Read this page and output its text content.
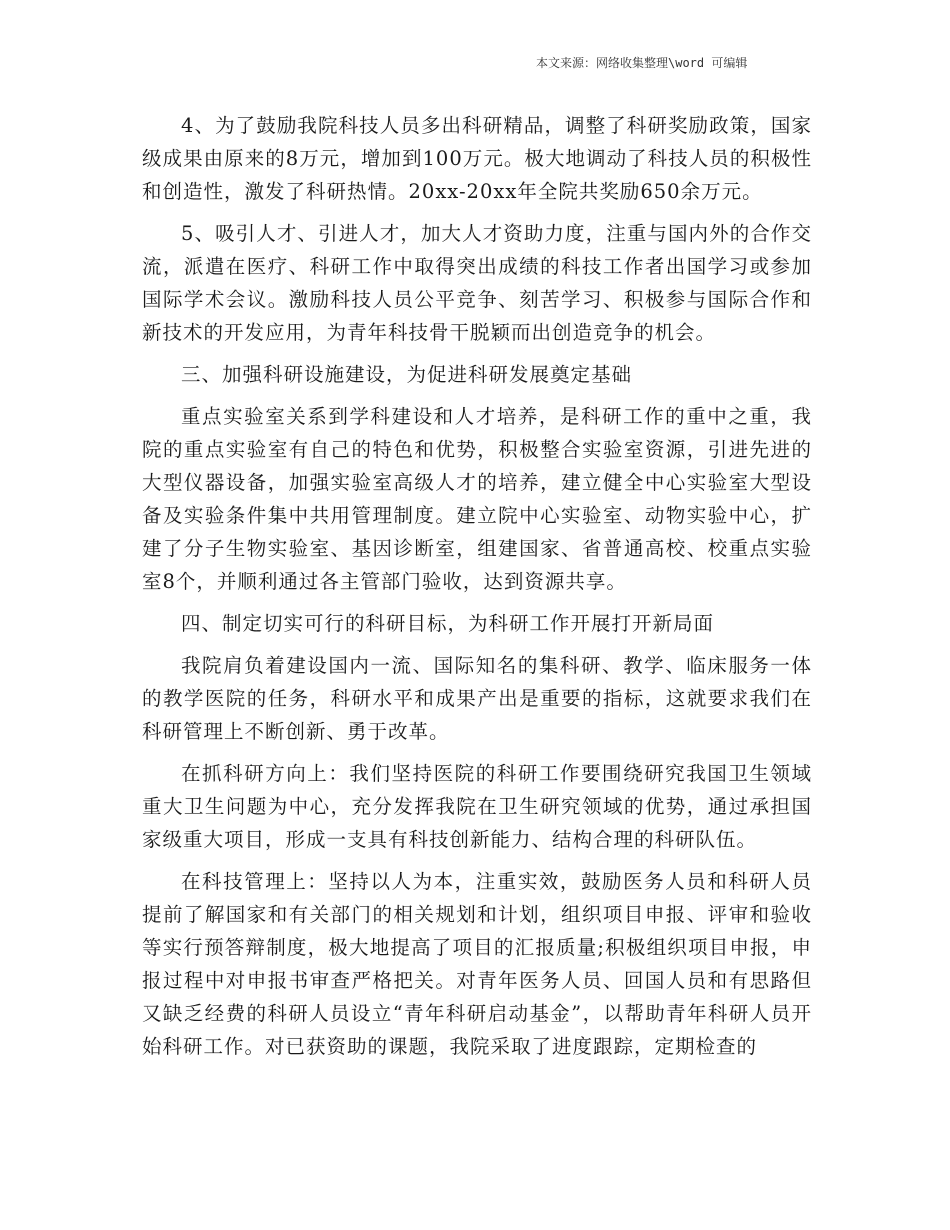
本文来源：网络收集整理\word 可编辑

4、为了鼓励我院科技人员多出科研精品，调整了科研奖励政策，国家级成果由原来的8万元，增加到100万元。极大地调动了科技人员的积极性和创造性，激发了科研热情。20xx-20xx年全院共奖励650余万元。

5、吸引人才、引进人才，加大人才资助力度，注重与国内外的合作交流，派遣在医疗、科研工作中取得突出成绩的科技工作者出国学习或参加国际学术会议。激励科技人员公平竞争、刻苦学习、积极参与国际合作和新技术的开发应用，为青年科技骨干脱颖而出创造竞争的机会。

三、加强科研设施建设，为促进科研发展奠定基础

重点实验室关系到学科建设和人才培养，是科研工作的重中之重，我院的重点实验室有自己的特色和优势，积极整合实验室资源，引进先进的大型仪器设备，加强实验室高级人才的培养，建立健全中心实验室大型设备及实验条件集中共用管理制度。建立院中心实验室、动物实验中心，扩建了分子生物实验室、基因诊断室，组建国家、省普通高校、校重点实验室8个，并顺利通过各主管部门验收，达到资源共享。

四、制定切实可行的科研目标，为科研工作开展打开新局面

我院肩负着建设国内一流、国际知名的集科研、教学、临床服务一体的教学医院的任务，科研水平和成果产出是重要的指标，这就要求我们在科研管理上不断创新、勇于改革。

在抓科研方向上：我们坚持医院的科研工作要围绕研究我国卫生领域重大卫生问题为中心，充分发挥我院在卫生研究领域的优势，通过承担国家级重大项目，形成一支具有科技创新能力、结构合理的科研队伍。

在科技管理上：坚持以人为本，注重实效，鼓励医务人员和科研人员提前了解国家和有关部门的相关规划和计划，组织项目申报、评审和验收等实行预答辩制度，极大地提高了项目的汇报质量;积极组织项目申报，申报过程中对申报书审查严格把关。对青年医务人员、回国人员和有思路但又缺乏经费的科研人员设立“青年科研启动基金”，以帮助青年科研人员开始科研工作。对已获资助的课题，我院采取了进度跟踪，定期检查的
